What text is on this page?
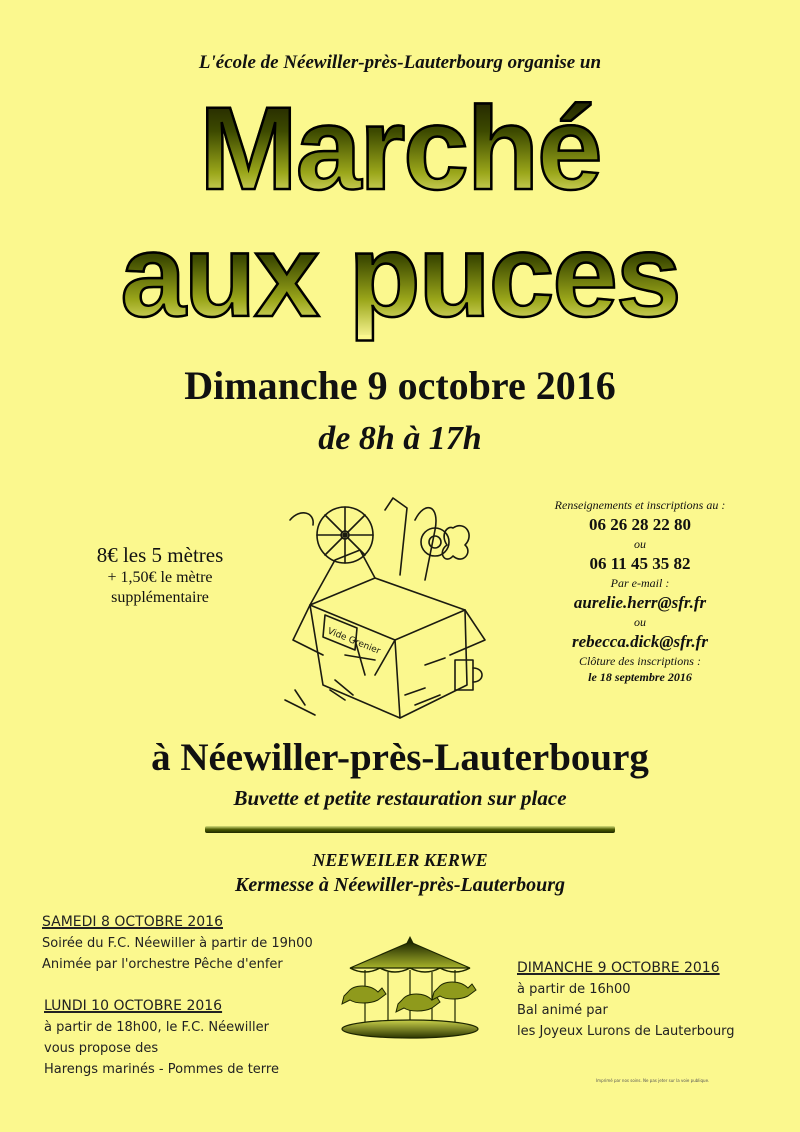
L'école de Néewiller-près-Lauterbourg organise un
Marché
aux puces
Dimanche 9 octobre 2016
de 8h à 17h
8€ les 5 mètres
+ 1,50€ le mètre
supplémentaire
Vide Grenier
Renseignements et inscriptions au :
06 26 28 22 80
ou
06 11 45 35 82
Par e-mail :
aurelie.herr@sfr.fr
ou
rebecca.dick@sfr.fr
Clôture des inscriptions :
le 18 septembre 2016
à Néewiller-près-Lauterbourg
Buvette et petite restauration sur place
NEEWEILER KERWE
Kermesse à Néewiller-près-Lauterbourg
SAMEDI 8 OCTOBRE 2016
Soirée du F.C. Néewiller à partir de 19h00
Animée par l'orchestre Pêche d'enfer
LUNDI 10 OCTOBRE 2016
à partir de 18h00, le F.C. Néewiller
vous propose des
Harengs marinés - Pommes de terre
DIMANCHE 9 OCTOBRE 2016
à partir de 16h00
Bal animé par
les Joyeux Lurons de Lauterbourg
Imprimé par nos soins. Ne pas jeter sur la voie publique.
